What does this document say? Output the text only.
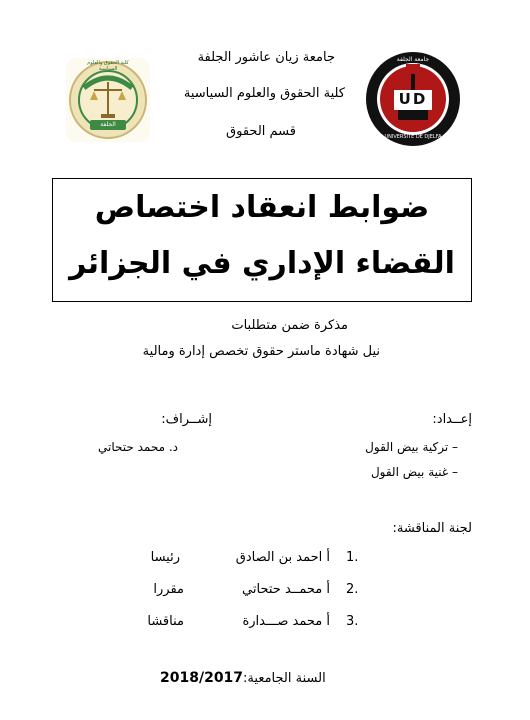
كلية الحقوق والعلوم السياسية
الجلفة
جامعة زيان عاشور الجلفة
كلية الحقوق والعلوم السياسية
قسم الحقوق
جامعة الجلفة
UD
UNIVERSITÉ DE DJELFA
ضوابط انعقاد اختصاص
القضاء الإداري في الجزائر
مذكرة ضمن متطلبات
نيل شهادة ماستر حقوق تخصص إدارة ومالية
إعــداد:
– تركية بيض القول
– غنية بيض القول
إشــراف:
د. محمد حتحاتي
لجنة المناقشة:
1.
أ احمد بن الصادق
رئيسا
2.
أ محمــد حتحاتي
مقررا
3.
أ محمد صـــدارة
مناقشا
2018/2017السنة الجامعية:
